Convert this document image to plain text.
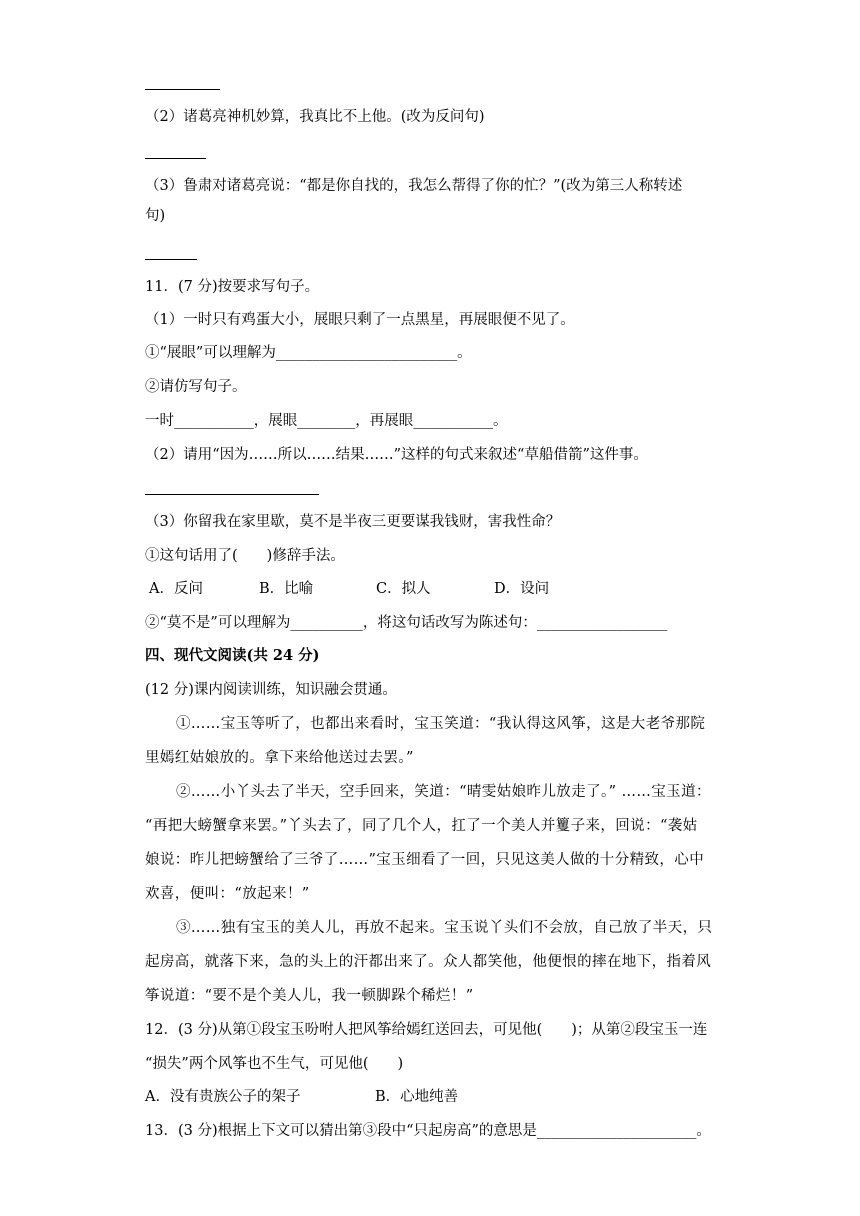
（2）诸葛亮神机妙算，我真比不上他。(改为反问句)
（3）鲁肃对诸葛亮说：“都是你自找的，我怎么帮得了你的忙？”(改为第三人称转述
句)
11．(7 分)按要求写句子。
（1）一时只有鸡蛋大小，展眼只剩了一点黑星，再展眼便不见了。
①“展眼”可以理解为_________________________。
②请仿写句子。
一时___________，展眼________，再展眼___________。
（2）请用“因为……所以……结果……”这样的句式来叙述“草船借箭”这件事。
（3）你留我在家里歇，莫不是半夜三更要谋我钱财，害我性命？
①这句话用了(　　)修辞手法。
A．反问	B．比喻	C．拟人	D．设问
②“莫不是”可以理解为__________，将这句话改写为陈述句：__________________
四、现代文阅读(共 24 分)
(12 分)课内阅读训练，知识融会贯通。
①……宝玉等听了，也都出来看时，宝玉笑道：“我认得这风筝，这是大老爷那院
里嫣红姑娘放的。拿下来给他送过去罢。”
②……小丫头去了半天，空手回来，笑道：“晴雯姑娘昨儿放走了。” ……宝玉道：
“再把大螃蟹拿来罢。”丫头去了，同了几个人，扛了一个美人并籰子来，回说：“袭姑
娘说：昨儿把螃蟹给了三爷了……”宝玉细看了一回，只见这美人做的十分精致，心中
欢喜，便叫：“放起来！”
③……独有宝玉的美人儿，再放不起来。宝玉说丫头们不会放，自己放了半天，只
起房高，就落下来，急的头上的汗都出来了。众人都笑他，他便恨的摔在地下，指着风
筝说道：“要不是个美人儿，我一顿脚跺个稀烂！”
12．(3 分)从第①段宝玉吩咐人把风筝给嫣红送回去，可见他(　　)；从第②段宝玉一连
“损失”两个风筝也不生气，可见他(　　)
A．没有贵族公子的架子	B．心地纯善
13．(3 分)根据上下文可以猜出第③段中“只起房高”的意思是______________________。
